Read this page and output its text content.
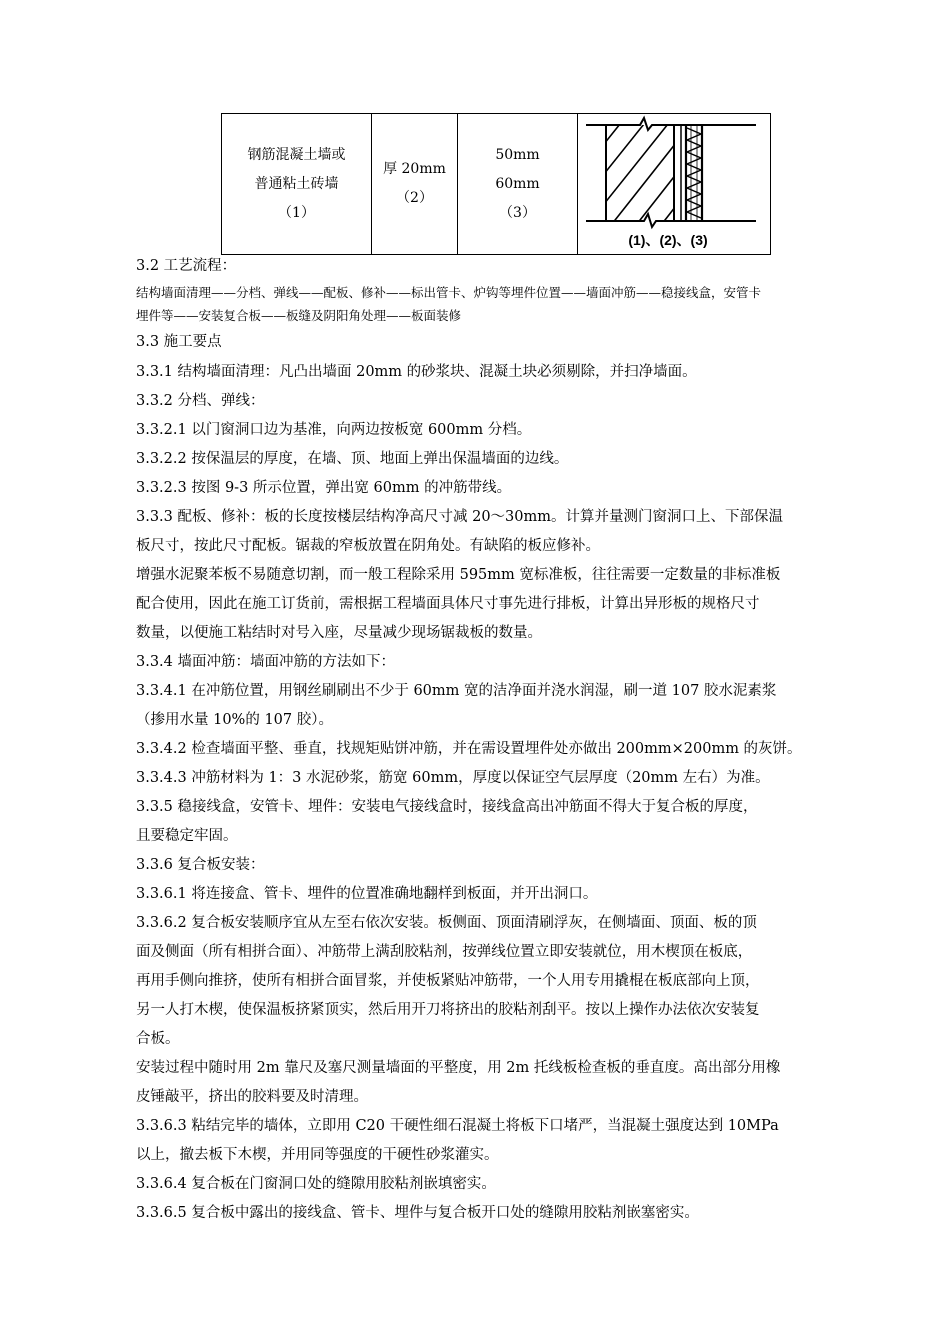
钢筋混凝土墙或
普通粘土砖墙
（1）

厚 20mm
（2）

50mm
60mm
（3）

(1)、(2)、(3)
3.2 工艺流程：
结构墙面清理——分档、弹线——配板、修补——标出管卡、炉钩等埋件位置——墙面冲筋——稳接线盒，安管卡
埋件等——安装复合板——板缝及阴阳角处理——板面装修
3.3 施工要点
3.3.1 结构墙面清理：凡凸出墙面 20mm 的砂浆块、混凝土块必须剔除，并扫净墙面。
3.3.2 分档、弹线：
3.3.2.1 以门窗洞口边为基准，向两边按板宽 600mm 分档。
3.3.2.2 按保温层的厚度，在墙、顶、地面上弹出保温墙面的边线。
3.3.2.3 按图 9-3 所示位置，弹出宽 60mm 的冲筋带线。
3.3.3 配板、修补：板的长度按楼层结构净高尺寸减 20～30mm。计算并量测门窗洞口上、下部保温
板尺寸，按此尺寸配板。锯裁的窄板放置在阴角处。有缺陷的板应修补。
增强水泥聚苯板不易随意切割，而一般工程除采用 595mm 宽标准板，往往需要一定数量的非标准板
配合使用，因此在施工订货前，需根据工程墙面具体尺寸事先进行排板，计算出异形板的规格尺寸
数量，以便施工粘结时对号入座，尽量减少现场锯裁板的数量。
3.3.4 墙面冲筋：墙面冲筋的方法如下：
3.3.4.1 在冲筋位置，用钢丝刷刷出不少于 60mm 宽的洁净面并浇水润湿，刷一道 107 胶水泥素浆
（掺用水量 10%的 107 胶）。
3.3.4.2 检查墙面平整、垂直，找规矩贴饼冲筋，并在需设置埋件处亦做出 200mm×200mm 的灰饼。
3.3.4.3 冲筋材料为 1：3 水泥砂浆，筋宽 60mm，厚度以保证空气层厚度（20mm 左右）为准。
3.3.5 稳接线盒，安管卡、埋件：安装电气接线盒时，接线盒高出冲筋面不得大于复合板的厚度，
且要稳定牢固。
3.3.6 复合板安装：
3.3.6.1 将连接盒、管卡、埋件的位置准确地翻样到板面，并开出洞口。
3.3.6.2 复合板安装顺序宜从左至右依次安装。板侧面、顶面清刷浮灰，在侧墙面、顶面、板的顶
面及侧面（所有相拼合面）、冲筋带上满刮胶粘剂，按弹线位置立即安装就位，用木楔顶在板底，
再用手侧向推挤，使所有相拼合面冒浆，并使板紧贴冲筋带，一个人用专用撬棍在板底部向上顶，
另一人打木楔，使保温板挤紧顶实，然后用开刀将挤出的胶粘剂刮平。按以上操作办法依次安装复
合板。
安装过程中随时用 2m 靠尺及塞尺测量墙面的平整度，用 2m 托线板检查板的垂直度。高出部分用橡
皮锤敲平，挤出的胶料要及时清理。
3.3.6.3 粘结完毕的墙体，立即用 C20 干硬性细石混凝土将板下口堵严，当混凝土强度达到 10MPa
以上，撤去板下木楔，并用同等强度的干硬性砂浆灌实。
3.3.6.4 复合板在门窗洞口处的缝隙用胶粘剂嵌填密实。
3.3.6.5 复合板中露出的接线盒、管卡、埋件与复合板开口处的缝隙用胶粘剂嵌塞密实。
